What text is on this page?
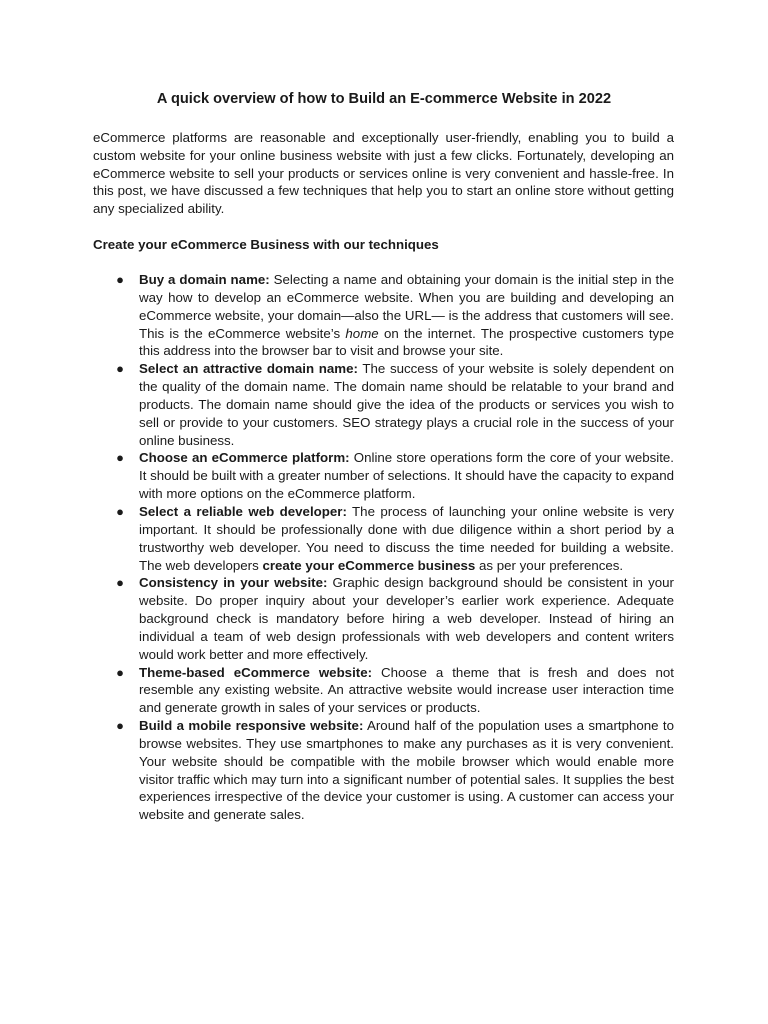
A quick overview of how to Build an E-commerce Website in 2022

eCommerce platforms are reasonable and exceptionally user-friendly, enabling you to build a custom website for your online business website with just a few clicks. Fortunately, developing an eCommerce website to sell your products or services online is very convenient and hassle-free. In this post, we have discussed a few techniques that help you to start an online store without getting any specialized ability.

Create your eCommerce Business with our techniques

● Buy a domain name: Selecting a name and obtaining your domain is the initial step in the way how to develop an eCommerce website. When you are building and developing an eCommerce website, your domain—also the URL— is the address that customers will see. This is the eCommerce website’s home on the internet. The prospective customers type this address into the browser bar to visit and browse your site.
● Select an attractive domain name: The success of your website is solely dependent on the quality of the domain name. The domain name should be relatable to your brand and products. The domain name should give the idea of the products or services you wish to sell or provide to your customers. SEO strategy plays a crucial role in the success of your online business.
● Choose an eCommerce platform: Online store operations form the core of your website. It should be built with a greater number of selections. It should have the capacity to expand with more options on the eCommerce platform.
● Select a reliable web developer: The process of launching your online website is very important. It should be professionally done with due diligence within a short period by a trustworthy web developer. You need to discuss the time needed for building a website. The web developers create your eCommerce business as per your preferences.
● Consistency in your website: Graphic design background should be consistent in your website. Do proper inquiry about your developer’s earlier work experience. Adequate background check is mandatory before hiring a web developer. Instead of hiring an individual a team of web design professionals with web developers and content writers would work better and more effectively.
● Theme-based eCommerce website: Choose a theme that is fresh and does not resemble any existing website. An attractive website would increase user interaction time and generate growth in sales of your services or products.
● Build a mobile responsive website: Around half of the population uses a smartphone to browse websites. They use smartphones to make any purchases as it is very convenient. Your website should be compatible with the mobile browser which would enable more visitor traffic which may turn into a significant number of potential sales. It supplies the best experiences irrespective of the device your customer is using. A customer can access your website and generate sales.
